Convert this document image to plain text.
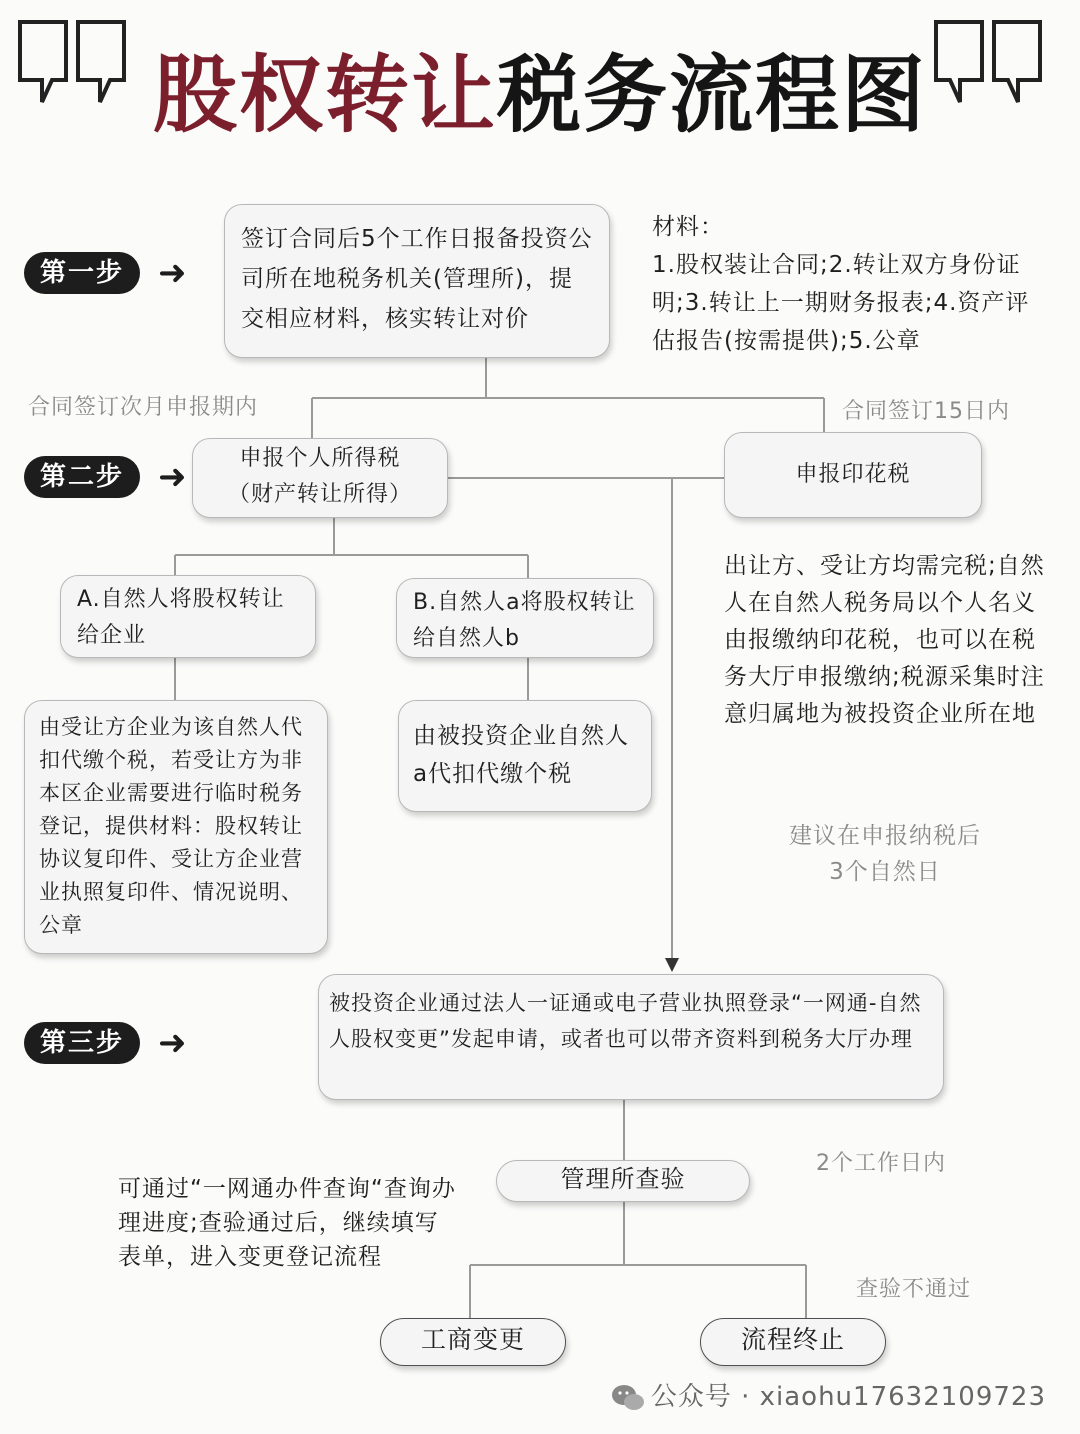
股权转让税务流程图
第一步	➜
第二步	➜
第三步	➜
签订合同后5个工作日报备投资公司所在地税务机关(管理所)，提交相应材料，核实转让对价
材料：
1.股权装让合同;2.转让双方身份证明;3.转让上一期财务报表;4.资产评估报告(按需提供);5.公章
合同签订次月申报期内	合同签订15日内
申报个人所得税
（财产转让所得）
申报印花税
A.自然人将股权转让给企业
B.自然人a将股权转让给自然人b
由受让方企业为该自然人代扣代缴个税，若受让方为非本区企业需要进行临时税务登记，提供材料：股权转让协议复印件、受让方企业营业执照复印件、情况说明、公章
由被投资企业自然人a代扣代缴个税
出让方、受让方均需完税;自然人在自然人税务局以个人名义由报缴纳印花税，也可以在税务大厅申报缴纳;税源采集时注意归属地为被投资企业所在地
建议在申报纳税后
3个自然日
被投资企业通过法人一证通或电子营业执照登录“一网通-自然人股权变更”发起申请，或者也可以带齐资料到税务大厅办理
管理所查验
2个工作日内
可通过“一网通办件查询“查询办理进度;查验通过后，继续填写表单，进入变更登记流程
查验不通过
工商变更	流程终止
公众号 · xiaohu17632109723
